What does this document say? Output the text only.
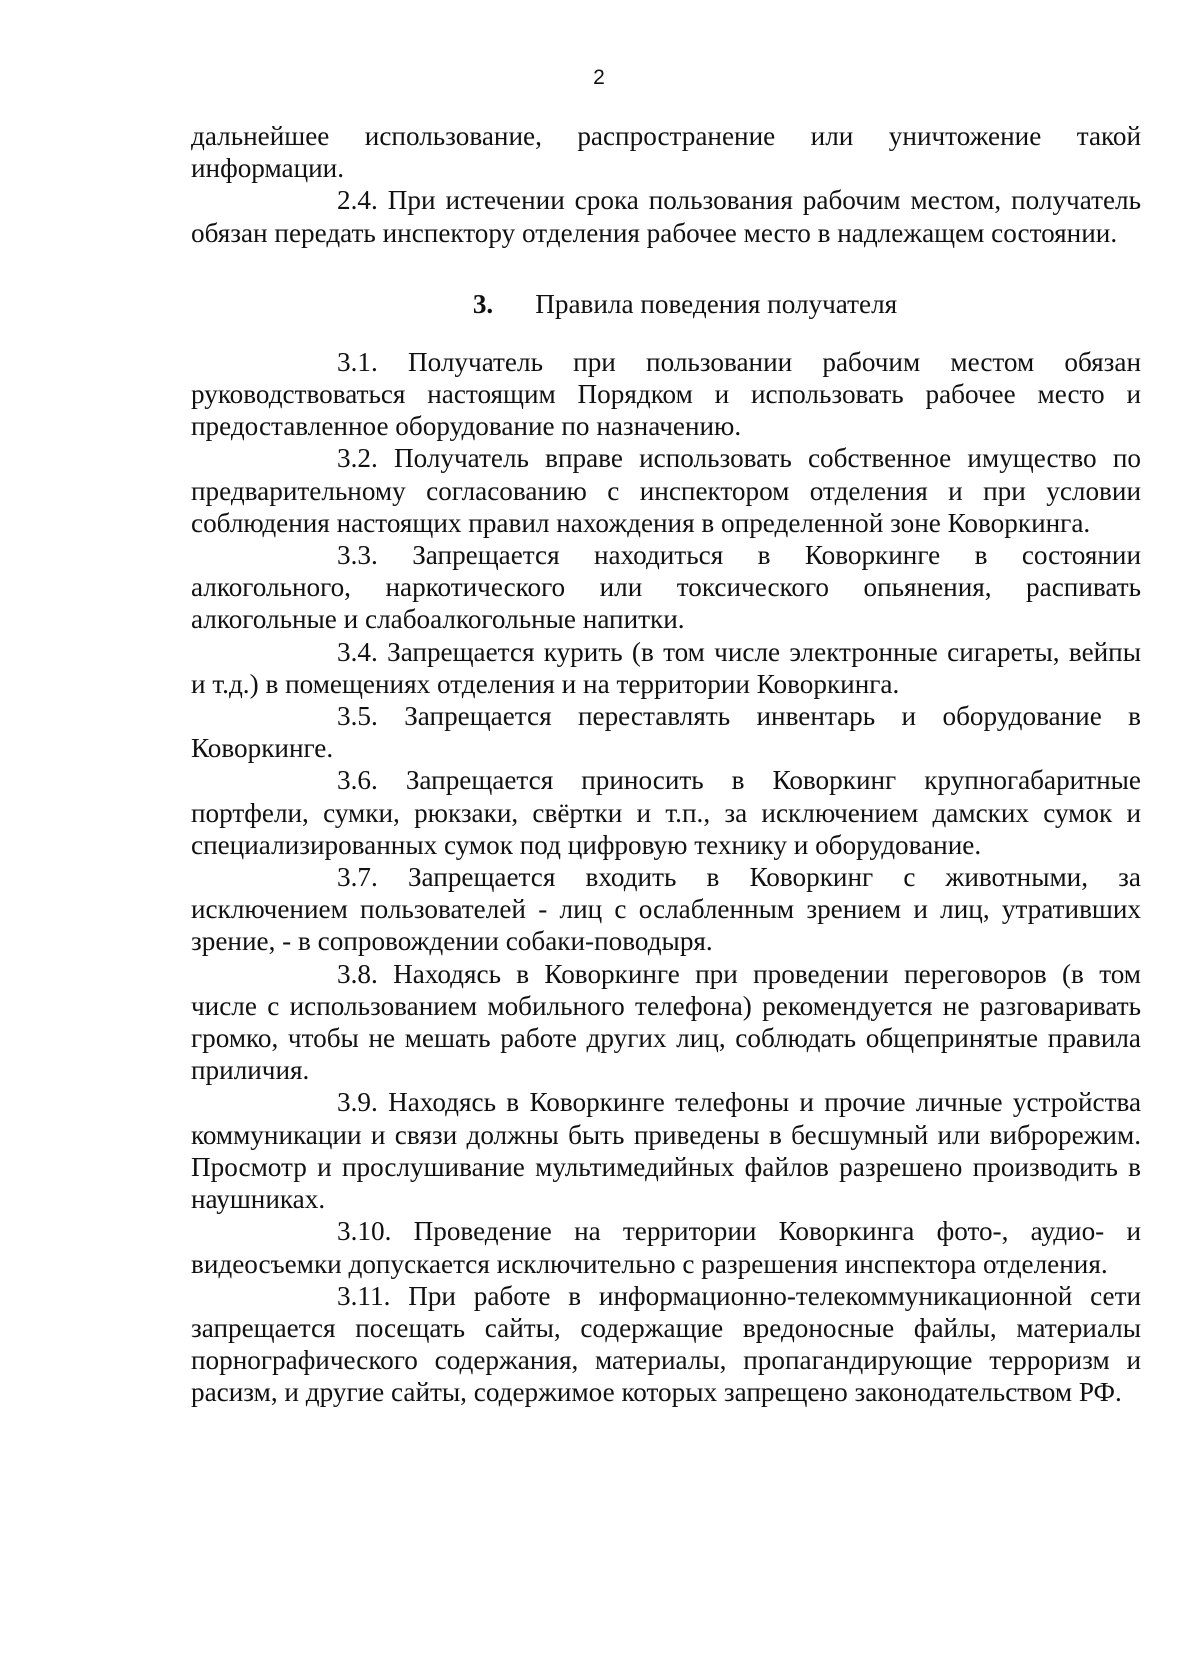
2

дальнейшее использование, распространение или уничтожение такой информации.

2.4. При истечении срока пользования рабочим местом, получатель обязан передать инспектору отделения рабочее место в надлежащем состоянии.

3. Правила поведения получателя

3.1. Получатель при пользовании рабочим местом обязан руководствоваться настоящим Порядком и использовать рабочее место и предоставленное оборудование по назначению.

3.2. Получатель вправе использовать собственное имущество по предварительному согласованию с инспектором отделения и при условии соблюдения настоящих правил нахождения в определенной зоне Коворкинга.

3.3. Запрещается находиться в Коворкинге в состоянии алкогольного, наркотического или токсического опьянения, распивать алкогольные и слабоалкогольные напитки.

3.4. Запрещается курить (в том числе электронные сигареты, вейпы и т.д.) в помещениях отделения и на территории Коворкинга.

3.5. Запрещается переставлять инвентарь и оборудование в Коворкинге.

3.6. Запрещается приносить в Коворкинг крупногабаритные портфели, сумки, рюкзаки, свёртки и т.п., за исключением дамских сумок и специализированных сумок под цифровую технику и оборудование.

3.7. Запрещается входить в Коворкинг с животными, за исключением пользователей - лиц с ослабленным зрением и лиц, утративших зрение, - в сопровождении собаки-поводыря.

3.8. Находясь в Коворкинге при проведении переговоров (в том числе с использованием мобильного телефона) рекомендуется не разговаривать громко, чтобы не мешать работе других лиц, соблюдать общепринятые правила приличия.

3.9. Находясь в Коворкинге телефоны и прочие личные устройства коммуникации и связи должны быть приведены в бесшумный или виброрежим. Просмотр и прослушивание мультимедийных файлов разрешено производить в наушниках.

3.10. Проведение на территории Коворкинга фото-, аудио- и видеосъемки допускается исключительно с разрешения инспектора отделения.

3.11. При работе в информационно-телекоммуникационной сети запрещается посещать сайты, содержащие вредоносные файлы, материалы порнографического содержания, материалы, пропагандирующие терроризм и расизм, и другие сайты, содержимое которых запрещено законодательством РФ.
